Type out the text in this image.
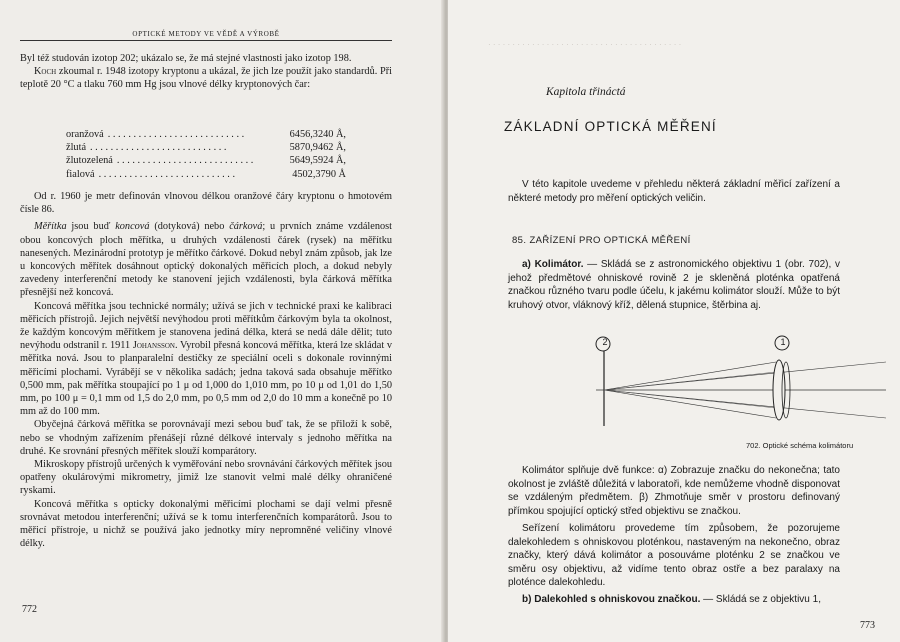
OPTICKÉ METODY VE VĚDĚ A VÝROBĚ

Byl též studován izotop 202; ukázalo se, že má stejné vlastnosti jako izotop 198.

Koch zkoumal r. 1948 izotopy kryptonu a ukázal, že jich lze použít jako standardů. Při teplotě 20 °C a tlaku 760 mm Hg jsou vlnové délky kryptonových čar:

oranžová . . . . . . . . . . . . . . . . . . . . . . . . . . .	6456,3240 Å,
žlutá . . . . . . . . . . . . . . . . . . . . . . . . . . .	5870,9462 Å,
žlutozelená . . . . . . . . . . . . . . . . . . . . . . . . . . .	5649,5924 Å,
fialová . . . . . . . . . . . . . . . . . . . . . . . . . . .	4502,3790 Å

Od r. 1960 je metr definován vlnovou délkou oranžové čáry kryptonu o hmotovém čísle 86.

Měřítka jsou buď koncová (dotyková) nebo čárková; u prvních známe vzdálenost obou koncových ploch měřítka, u druhých vzdálenosti čárek (rysek) na měřítku nanesených. Mezinárodní prototyp je měřítko čárkové. Dokud nebyl znám způsob, jak lze u koncových měřítek dosáhnout optický dokonalých měřicích ploch, a dokud nebyly zavedeny interferenční metody ke stanovení jejich vzdálenosti, byla čárková měřítka přesnější než koncová.

Koncová měřítka jsou technické normály; užívá se jich v technické praxi ke kalibraci měřicích přístrojů. Jejich největší nevýhodou proti měřítkům čárkovým byla ta okolnost, že každým koncovým měřítkem je stanovena jediná délka, která se nedá dále dělit; tuto nevýhodu odstranil r. 1911 Johansson. Vyrobil přesná koncová měřítka, která lze skládat v měřítka nová. Jsou to planparalelní destičky ze speciální oceli s dokonale rovinnými měřicími plochami. Vyrábějí se v několika sadách; jedna taková sada obsahuje měřítko 0,500 mm, pak měřítka stoupající po 1 μ od 1,000 do 1,010 mm, po 10 μ od 1,01 do 1,50 mm, po 100 μ = 0,1 mm od 1,5 do 2,0 mm, po 0,5 mm od 2,0 do 10 mm a konečně po 10 mm až do 100 mm.

Obyčejná čárková měřítka se porovnávají mezi sebou buď tak, že se přiloží k sobě, nebo se vhodným zařízením přenášejí různé délkové intervaly s jednoho měřítka na druhé. Ke srovnání přesných měřítek slouží komparátory.

Mikroskopy přístrojů určených k vyměřování nebo srovnávání čárkových měřítek jsou opatřeny okulárovými mikrometry, jimiž lze stanovit velmi malé délky ohraničené ryskami.

Koncová měřítka s opticky dokonalými měřicími plochami se dají velmi přesně srovnávat metodou interferenční; užívá se k tomu interferenčních komparátorů. Jsou to měřicí přístroje, u nichž se používá jako jednotky míry nepromněné veličiny vlnové délky.

772
· · · · · · · · · · · · · · · · · · · · · · · · · · · · · · · · · · · · · · · ·
Kapitola třináctá
ZÁKLADNÍ OPTICKÁ MĚŘENÍ

V této kapitole uvedeme v přehledu některá základní měřicí zařízení a některé metody pro měření optických veličin.

85. ZAŘÍZENÍ PRO OPTICKÁ MĚŘENÍ

a) Kolimátor. — Skládá se z astronomického objektivu 1 (obr. 702), v jehož předmětové ohniskové rovině 2 je skleněná ploténka opatřená značkou různého tvaru podle účelu, k jakému kolimátor slouží. Může to být kruhový otvor, vláknový kříž, dělená stupnice, štěrbina aj.

2	1
702. Optické schéma kolimátoru

Kolimátor splňuje dvě funkce: α) Zobrazuje značku do nekonečna; tato okolnost je zvláště důležitá v laboratoři, kde nemůžeme vhodně disponovat se vzdáleným předmětem. β) Zhmotňuje směr v prostoru definovaný přímkou spojující optický střed objektivu se značkou.

Seřízení kolimátoru provedeme tím způsobem, že pozorujeme dalekohledem s ohniskovou ploténkou, nastaveným na nekonečno, obraz značky, který dává kolimátor a posouváme ploténku 2 se značkou ve směru osy objektivu, až vidíme tento obraz ostře a bez paralaxy na ploténce dalekohledu.

b) Dalekohled s ohniskovou značkou. — Skládá se z objektivu 1,

773
